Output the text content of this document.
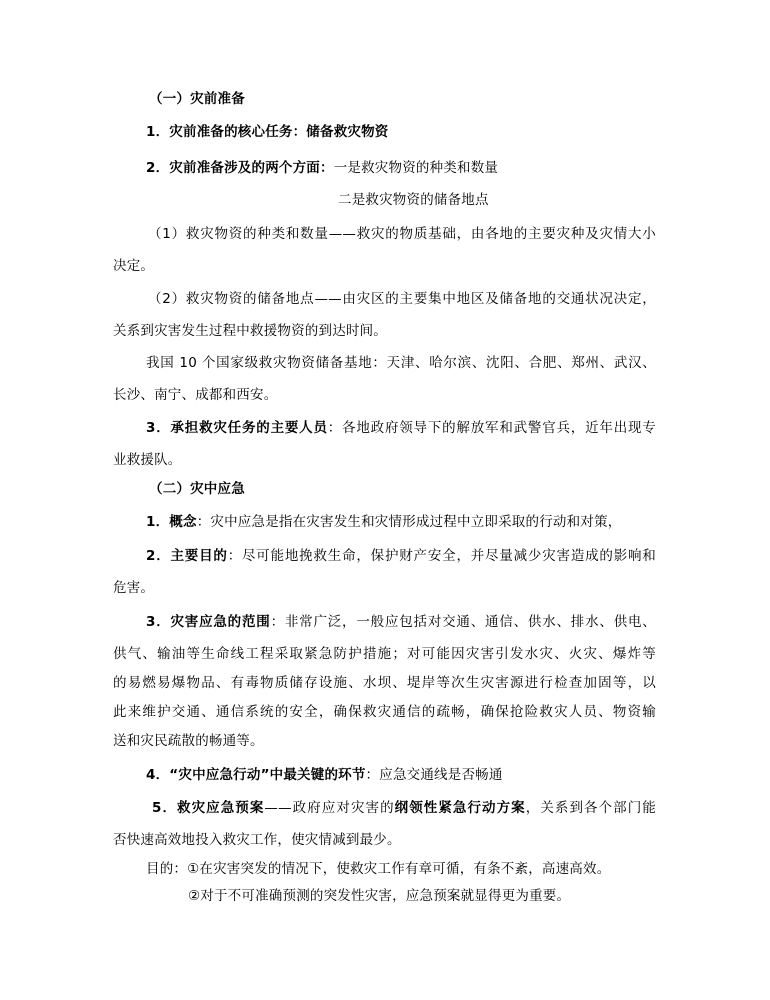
（一）灾前准备
1．灾前准备的核心任务：储备救灾物资
2．灾前准备涉及的两个方面：一是救灾物资的种类和数量
二是救灾物资的储备地点
（1）救灾物资的种类和数量——救灾的物质基础，由各地的主要灾种及灾情大小
决定。
（2）救灾物资的储备地点——由灾区的主要集中地区及储备地的交通状况决定，
关系到灾害发生过程中救援物资的到达时间。
我国 10 个国家级救灾物资储备基地：天津、哈尔滨、沈阳、合肥、郑州、武汉、
长沙、南宁、成都和西安。
3．承担救灾任务的主要人员：各地政府领导下的解放军和武警官兵，近年出现专
业救援队。
（二）灾中应急
1．概念：灾中应急是指在灾害发生和灾情形成过程中立即采取的行动和对策，
2．主要目的：尽可能地挽救生命，保护财产安全，并尽量减少灾害造成的影响和
危害。
3．灾害应急的范围：非常广泛，一般应包括对交通、通信、供水、排水、供电、
供气、输油等生命线工程采取紧急防护措施；对可能因灾害引发水灾、火灾、爆炸等
的易燃易爆物品、有毒物质储存设施、水坝、堤岸等次生灾害源进行检查加固等，以
此来维护交通、通信系统的安全，确保救灾通信的疏畅，确保抢险救灾人员、物资输
送和灾民疏散的畅通等。
4．“灾中应急行动”中最关键的环节：应急交通线是否畅通
5．救灾应急预案——政府应对灾害的纲领性紧急行动方案，关系到各个部门能
否快速高效地投入救灾工作，使灾情减到最少。
目的：①在灾害突发的情况下，使救灾工作有章可循，有条不紊，高速高效。
②对于不可准确预测的突发性灾害，应急预案就显得更为重要。
